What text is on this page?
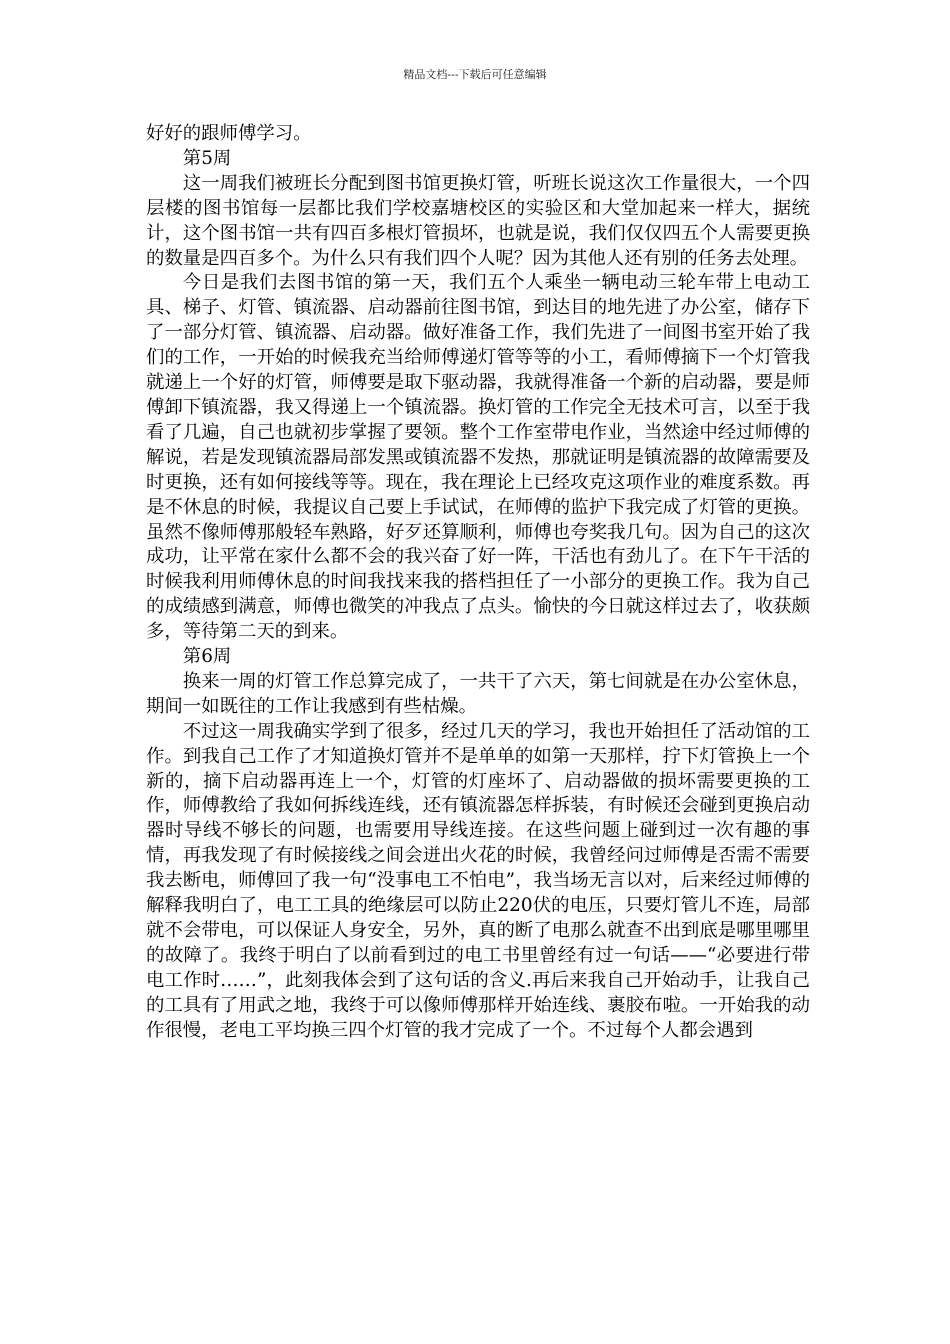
精品文档---下载后可任意编辑

好好的跟师傅学习。

第5周

这一周我们被班长分配到图书馆更换灯管，听班长说这次工作量很大，一个四层楼的图书馆每一层都比我们学校嘉塘校区的实验区和大堂加起来一样大，据统计，这个图书馆一共有四百多根灯管损坏，也就是说，我们仅仅四五个人需要更换的数量是四百多个。为什么只有我们四个人呢？因为其他人还有别的任务去处理。

今日是我们去图书馆的第一天，我们五个人乘坐一辆电动三轮车带上电动工具、梯子、灯管、镇流器、启动器前往图书馆，到达目的地先进了办公室，储存下了一部分灯管、镇流器、启动器。做好准备工作，我们先进了一间图书室开始了我们的工作，一开始的时候我充当给师傅递灯管等等的小工，看师傅摘下一个灯管我就递上一个好的灯管，师傅要是取下驱动器，我就得准备一个新的启动器，要是师傅卸下镇流器，我又得递上一个镇流器。换灯管的工作完全无技术可言，以至于我看了几遍，自己也就初步掌握了要领。整个工作室带电作业，当然途中经过师傅的解说，若是发现镇流器局部发黑或镇流器不发热，那就证明是镇流器的故障需要及时更换，还有如何接线等等。现在，我在理论上已经攻克这项作业的难度系数。再是不休息的时候，我提议自己要上手试试，在师傅的监护下我完成了灯管的更换。虽然不像师傅那般轻车熟路，好歹还算顺利，师傅也夸奖我几句。因为自己的这次成功，让平常在家什么都不会的我兴奋了好一阵，干活也有劲儿了。在下午干活的时候我利用师傅休息的时间我找来我的搭档担任了一小部分的更换工作。我为自己的成绩感到满意，师傅也微笑的冲我点了点头。愉快的今日就这样过去了，收获颇多，等待第二天的到来。

第6周

换来一周的灯管工作总算完成了，一共干了六天，第七间就是在办公室休息，期间一如既往的工作让我感到有些枯燥。

不过这一周我确实学到了很多，经过几天的学习，我也开始担任了活动馆的工作。到我自己工作了才知道换灯管并不是单单的如第一天那样，拧下灯管换上一个新的，摘下启动器再连上一个，灯管的灯座坏了、启动器做的损坏需要更换的工作，师傅教给了我如何拆线连线，还有镇流器怎样拆装，有时候还会碰到更换启动器时导线不够长的问题，也需要用导线连接。在这些问题上碰到过一次有趣的事情，再我发现了有时候接线之间会迸出火花的时候，我曾经问过师傅是否需不需要我去断电，师傅回了我一句“没事电工不怕电”，我当场无言以对，后来经过师傅的解释我明白了，电工工具的绝缘层可以防止220伏的电压，只要灯管儿不连，局部就不会带电，可以保证人身安全，另外，真的断了电那么就查不出到底是哪里哪里的故障了。我终于明白了以前看到过的电工书里曾经有过一句话——“必要进行带电工作时……”，此刻我体会到了这句话的含义.再后来我自己开始动手，让我自己的工具有了用武之地，我终于可以像师傅那样开始连线、裹胶布啦。一开始我的动作很慢，老电工平均换三四个灯管的我才完成了一个。不过每个人都会遇到
